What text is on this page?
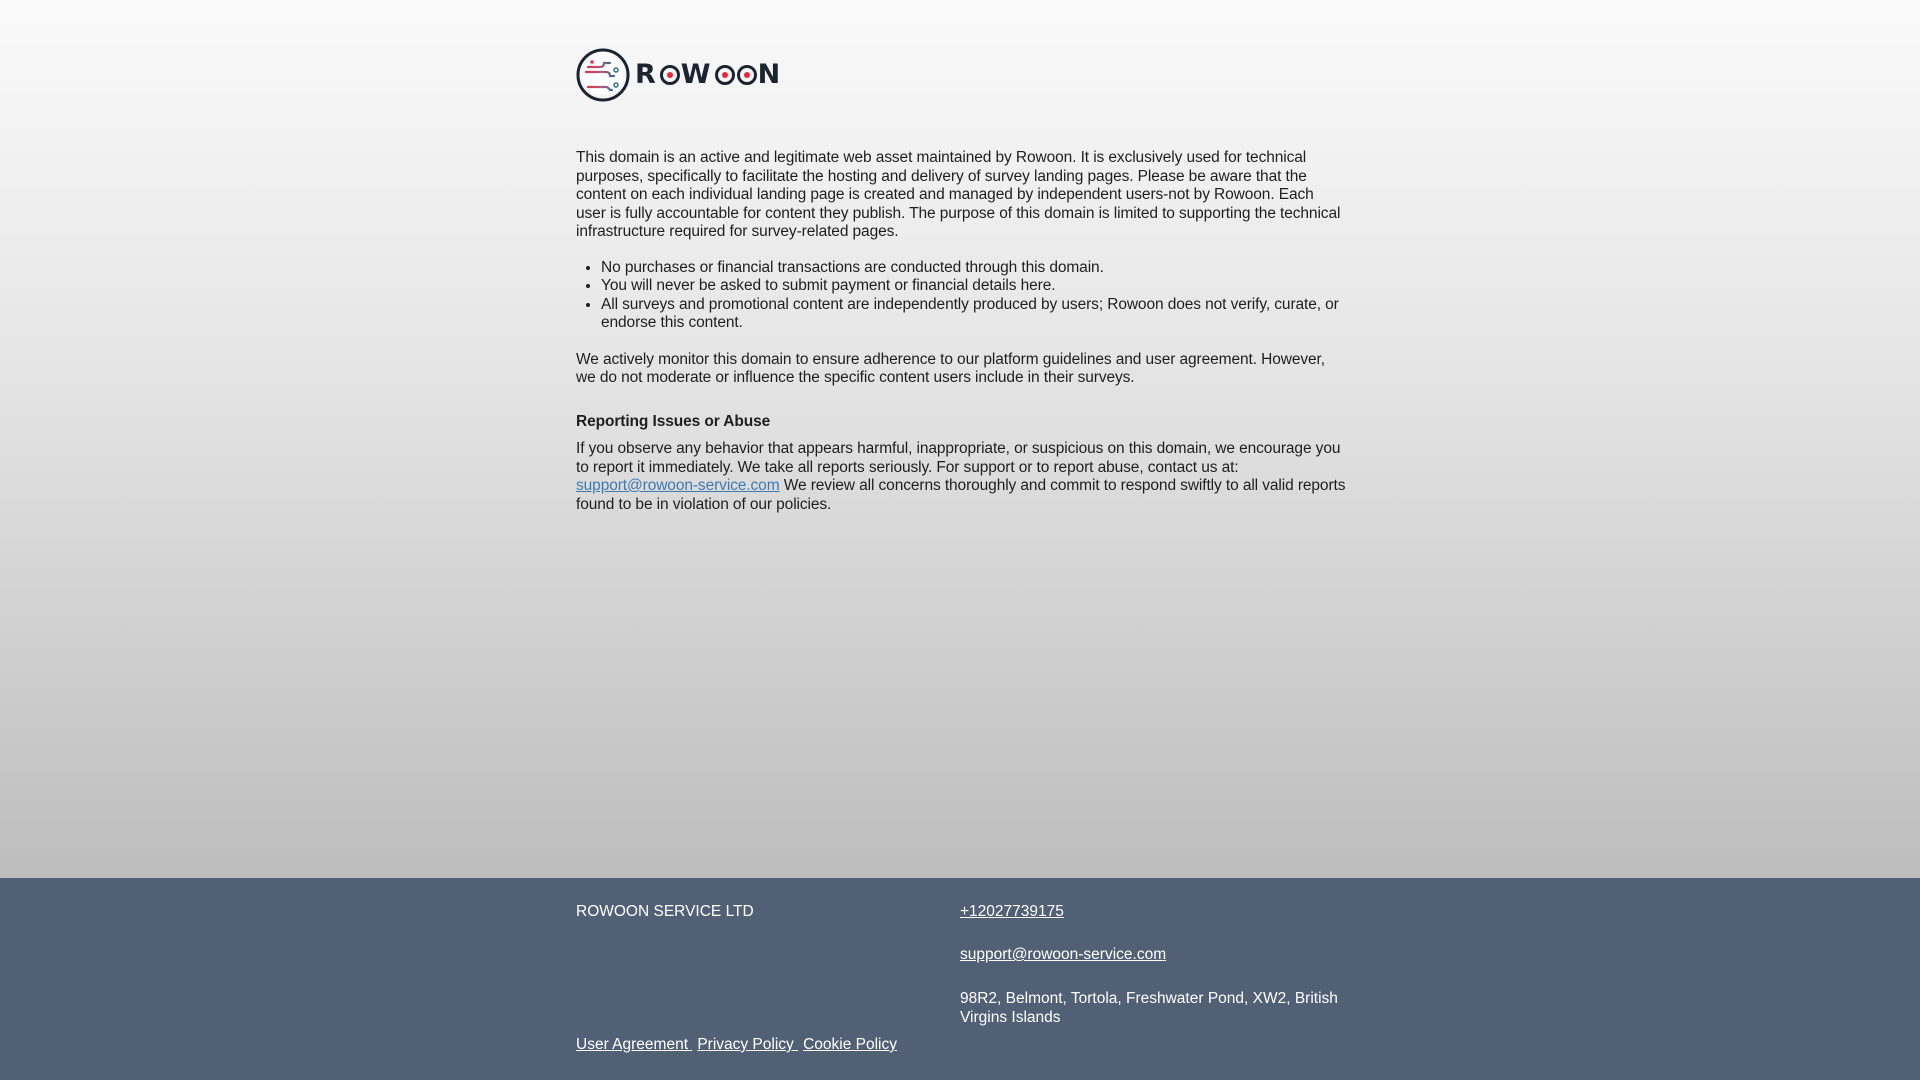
R W N

This domain is an active and legitimate web asset maintained by Rowoon. It is exclusively used for technical purposes, specifically to facilitate the hosting and delivery of survey landing pages. Please be aware that the content on each individual landing page is created and managed by independent users-not by Rowoon. Each user is fully accountable for content they publish. The purpose of this domain is limited to supporting the technical infrastructure required for survey-related pages.

• No purchases or financial transactions are conducted through this domain.
• You will never be asked to submit payment or financial details here.
• All surveys and promotional content are independently produced by users; Rowoon does not verify, curate, or endorse this content.

We actively monitor this domain to ensure adherence to our platform guidelines and user agreement. However, we do not moderate or influence the specific content users include in their surveys.

Reporting Issues or Abuse

If you observe any behavior that appears harmful, inappropriate, or suspicious on this domain, we encourage you to report it immediately. We take all reports seriously. For support or to report abuse, contact us at:
support@rowoon-service.com We review all concerns thoroughly and commit to respond swiftly to all valid reports found to be in violation of our policies.

ROWOON SERVICE LTD	+12027739175
support@rowoon-service.com
98R2, Belmont, Tortola, Freshwater Pond, XW2, British Virgins Islands
User Agreement Privacy Policy Cookie Policy
